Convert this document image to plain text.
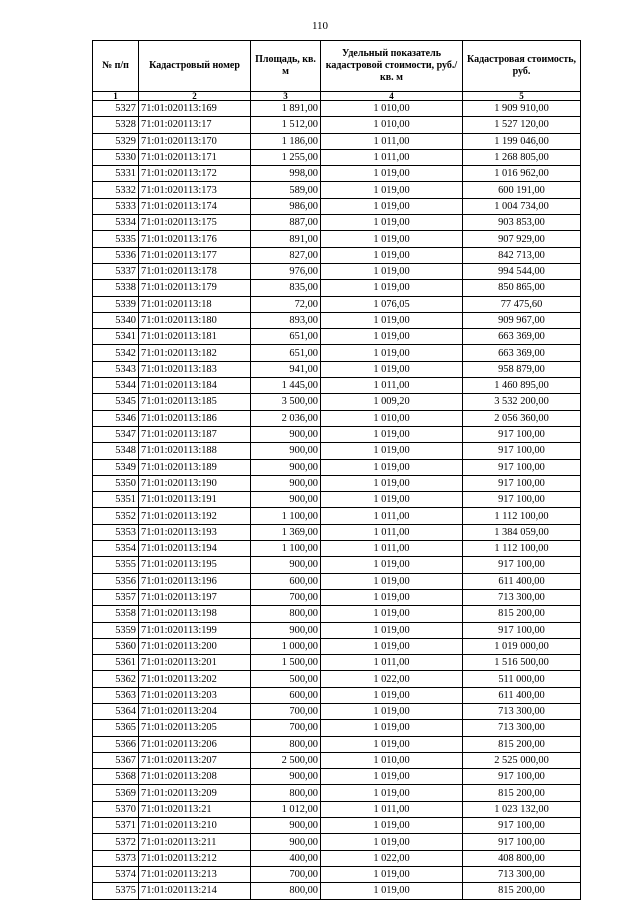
110
№ п/п	Кадастровый номер	Площадь, кв. м	Удельный показатель кадастровой стоимости, руб./кв. м	Кадастровая стоимость, руб.
1	2	3	4	5
5327	71:01:020113:169	1 891,00	1 010,00	1 909 910,00
5328	71:01:020113:17	1 512,00	1 010,00	1 527 120,00
5329	71:01:020113:170	1 186,00	1 011,00	1 199 046,00
5330	71:01:020113:171	1 255,00	1 011,00	1 268 805,00
5331	71:01:020113:172	998,00	1 019,00	1 016 962,00
5332	71:01:020113:173	589,00	1 019,00	600 191,00
5333	71:01:020113:174	986,00	1 019,00	1 004 734,00
5334	71:01:020113:175	887,00	1 019,00	903 853,00
5335	71:01:020113:176	891,00	1 019,00	907 929,00
5336	71:01:020113:177	827,00	1 019,00	842 713,00
5337	71:01:020113:178	976,00	1 019,00	994 544,00
5338	71:01:020113:179	835,00	1 019,00	850 865,00
5339	71:01:020113:18	72,00	1 076,05	77 475,60
5340	71:01:020113:180	893,00	1 019,00	909 967,00
5341	71:01:020113:181	651,00	1 019,00	663 369,00
5342	71:01:020113:182	651,00	1 019,00	663 369,00
5343	71:01:020113:183	941,00	1 019,00	958 879,00
5344	71:01:020113:184	1 445,00	1 011,00	1 460 895,00
5345	71:01:020113:185	3 500,00	1 009,20	3 532 200,00
5346	71:01:020113:186	2 036,00	1 010,00	2 056 360,00
5347	71:01:020113:187	900,00	1 019,00	917 100,00
5348	71:01:020113:188	900,00	1 019,00	917 100,00
5349	71:01:020113:189	900,00	1 019,00	917 100,00
5350	71:01:020113:190	900,00	1 019,00	917 100,00
5351	71:01:020113:191	900,00	1 019,00	917 100,00
5352	71:01:020113:192	1 100,00	1 011,00	1 112 100,00
5353	71:01:020113:193	1 369,00	1 011,00	1 384 059,00
5354	71:01:020113:194	1 100,00	1 011,00	1 112 100,00
5355	71:01:020113:195	900,00	1 019,00	917 100,00
5356	71:01:020113:196	600,00	1 019,00	611 400,00
5357	71:01:020113:197	700,00	1 019,00	713 300,00
5358	71:01:020113:198	800,00	1 019,00	815 200,00
5359	71:01:020113:199	900,00	1 019,00	917 100,00
5360	71:01:020113:200	1 000,00	1 019,00	1 019 000,00
5361	71:01:020113:201	1 500,00	1 011,00	1 516 500,00
5362	71:01:020113:202	500,00	1 022,00	511 000,00
5363	71:01:020113:203	600,00	1 019,00	611 400,00
5364	71:01:020113:204	700,00	1 019,00	713 300,00
5365	71:01:020113:205	700,00	1 019,00	713 300,00
5366	71:01:020113:206	800,00	1 019,00	815 200,00
5367	71:01:020113:207	2 500,00	1 010,00	2 525 000,00
5368	71:01:020113:208	900,00	1 019,00	917 100,00
5369	71:01:020113:209	800,00	1 019,00	815 200,00
5370	71:01:020113:21	1 012,00	1 011,00	1 023 132,00
5371	71:01:020113:210	900,00	1 019,00	917 100,00
5372	71:01:020113:211	900,00	1 019,00	917 100,00
5373	71:01:020113:212	400,00	1 022,00	408 800,00
5374	71:01:020113:213	700,00	1 019,00	713 300,00
5375	71:01:020113:214	800,00	1 019,00	815 200,00
